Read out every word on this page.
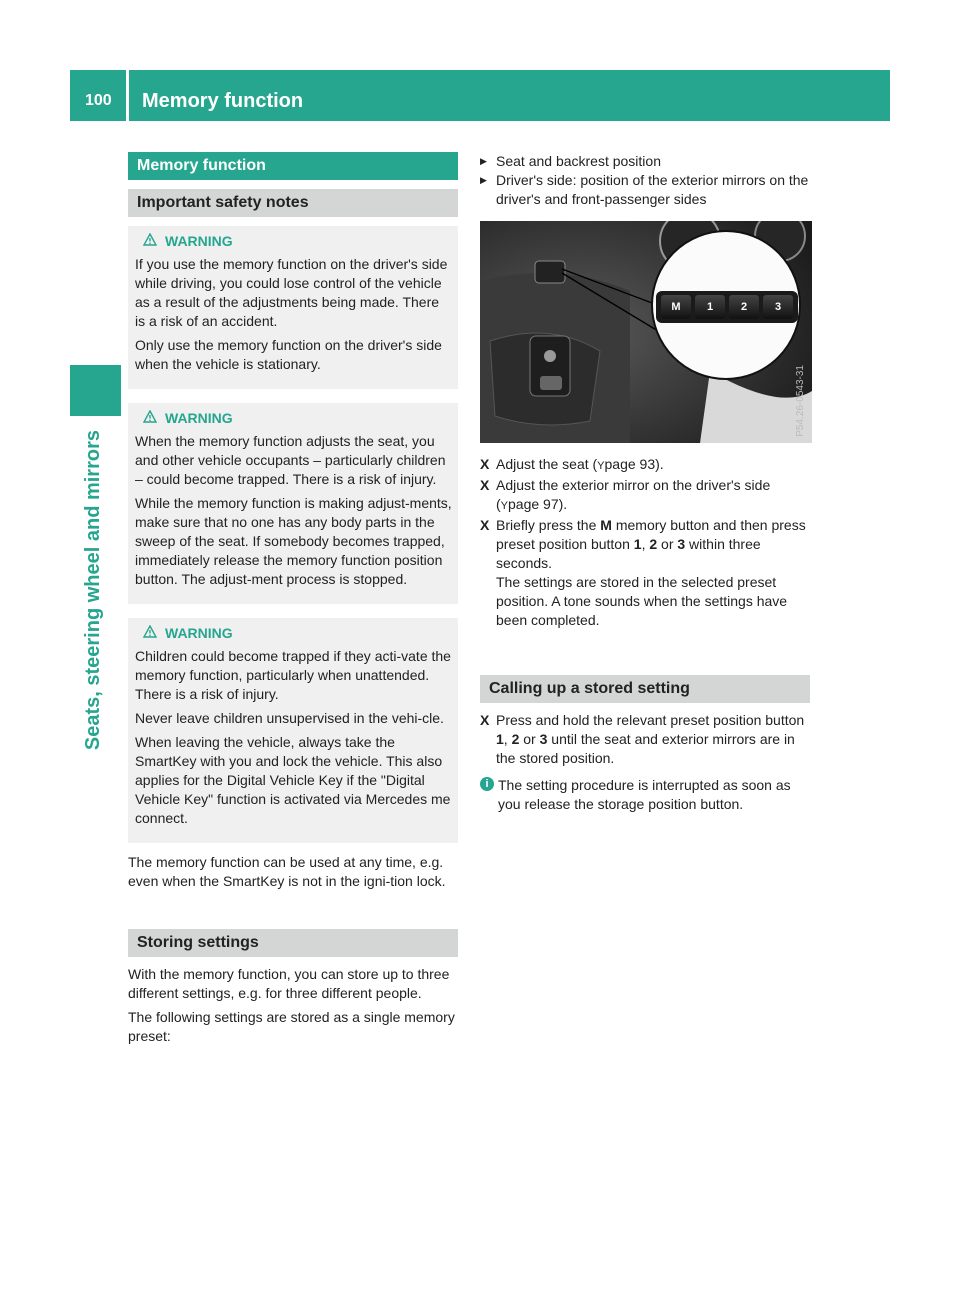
100 Memory function
Seats, steering wheel and mirrors
Memory function
Important safety notes
WARNING

If you use the memory function on the driver's side while driving, you could lose control of the vehicle as a result of the adjustments being made. There is a risk of an accident.

Only use the memory function on the driver's side when the vehicle is stationary.

WARNING

When the memory function adjusts the seat, you and other vehicle occupants – particularly children – could become trapped. There is a risk of injury.

While the memory function is making adjust-ments, make sure that no one has any body parts in the sweep of the seat. If somebody becomes trapped, immediately release the memory function position button. The adjust-ment process is stopped.

WARNING

Children could become trapped if they acti-vate the memory function, particularly when unattended. There is a risk of injury.

Never leave children unsupervised in the vehi-cle.

When leaving the vehicle, always take the SmartKey with you and lock the vehicle. This also applies for the Digital Vehicle Key if the "Digital Vehicle Key" function is activated via Mercedes me connect.

The memory function can be used at any time, e.g. even when the SmartKey is not in the igni-tion lock.

Storing settings

With the memory function, you can store up to three different settings, e.g. for three different people.

The following settings are stored as a single memory preset:

▶ Seat and backrest position
▶ Driver's side: position of the exterior mirrors on the driver's and front-passenger sides
M	1	2	3
P54.26-0543-31
X Adjust the seat (Ypage 93).
X Adjust the exterior mirror on the driver's side (Ypage 97).
X Briefly press the M memory button and then press preset position button 1, 2 or 3 within three seconds.
The settings are stored in the selected preset position. A tone sounds when the settings have been completed.
Calling up a stored setting
X Press and hold the relevant preset position button 1, 2 or 3 until the seat and exterior mirrors are in the stored position.
i The setting procedure is interrupted as soon as you release the storage position button.
